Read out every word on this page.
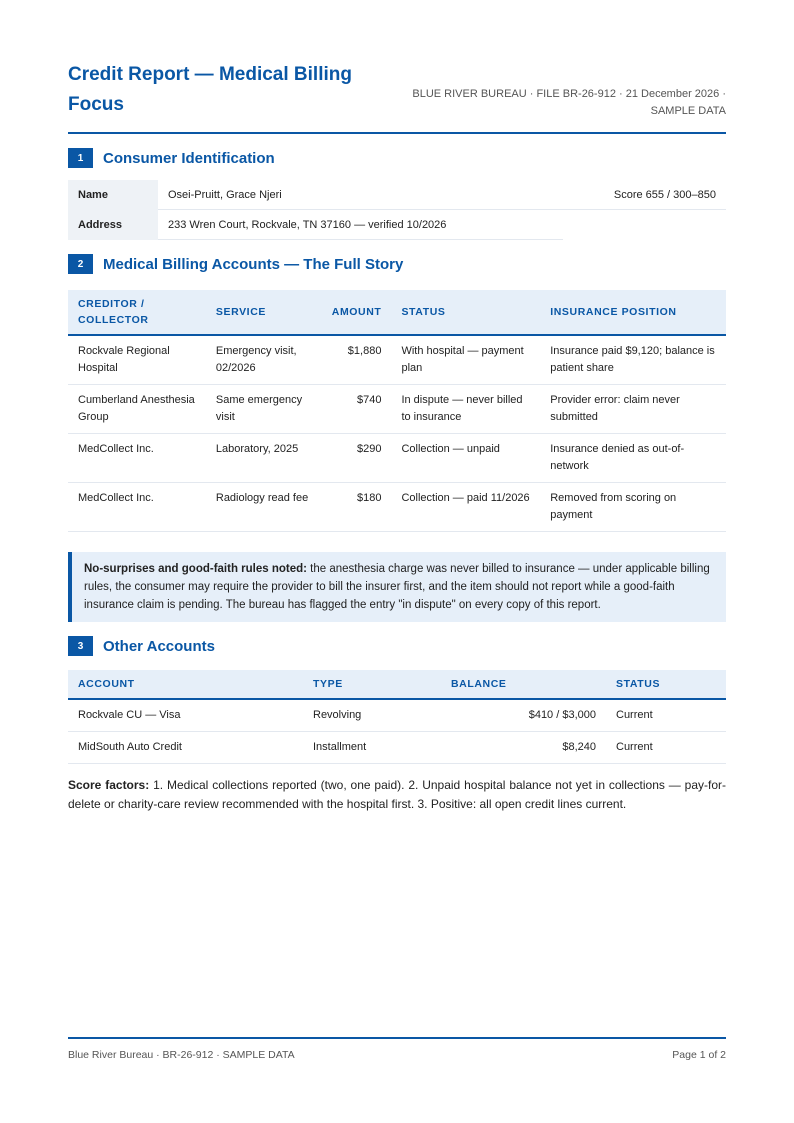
Credit Report — Medical Billing Focus	BLUE RIVER BUREAU · FILE BR-26-912 · 21 December 2026 ·
SAMPLE DATA
1	Consumer Identification
Name	Osei-Pruitt, Grace Njeri	Score 655 / 300–850
Address	233 Wren Court, Rockvale, TN 37160 — verified 10/2026
2	Medical Billing Accounts — The Full Story
CREDITOR / COLLECTOR	SERVICE	AMOUNT	STATUS	INSURANCE POSITION
Rockvale Regional Hospital	Emergency visit, 02/2026	$1,880	With hospital — payment plan	Insurance paid $9,120; balance is patient share
Cumberland Anesthesia Group	Same emergency visit	$740	In dispute — never billed to insurance	Provider error: claim never submitted
MedCollect Inc.	Laboratory, 2025	$290	Collection — unpaid	Insurance denied as out-of-network
MedCollect Inc.	Radiology read fee	$180	Collection — paid 11/2026	Removed from scoring on payment
No-surprises and good-faith rules noted: the anesthesia charge was never billed to insurance — under applicable billing rules, the consumer may require the provider to bill the insurer first, and the item should not report while a good-faith insurance claim is pending. The bureau has flagged the entry "in dispute" on every copy of this report.
3	Other Accounts
ACCOUNT	TYPE	BALANCE	STATUS
Rockvale CU — Visa	Revolving	$410 / $3,000	Current
MidSouth Auto Credit	Installment	$8,240	Current
Score factors: 1. Medical collections reported (two, one paid). 2. Unpaid hospital balance not yet in collections — pay-for-delete or charity-care review recommended with the hospital first. 3. Positive: all open credit lines current.
Blue River Bureau · BR-26-912 · SAMPLE DATA	Page 1 of 2
